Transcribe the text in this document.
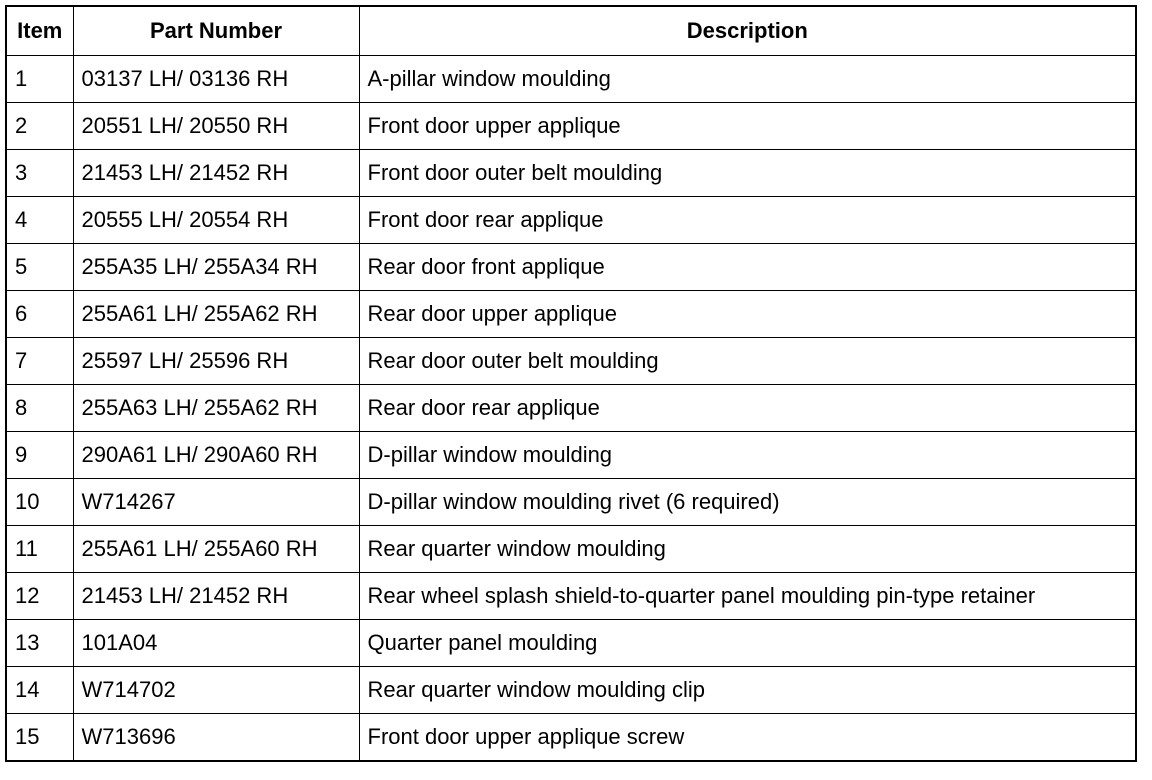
Item	Part Number	Description
1	03137 LH/ 03136 RH	A-pillar window moulding
2	20551 LH/ 20550 RH	Front door upper applique
3	21453 LH/ 21452 RH	Front door outer belt moulding
4	20555 LH/ 20554 RH	Front door rear applique
5	255A35 LH/ 255A34 RH	Rear door front applique
6	255A61 LH/ 255A62 RH	Rear door upper applique
7	25597 LH/ 25596 RH	Rear door outer belt moulding
8	255A63 LH/ 255A62 RH	Rear door rear applique
9	290A61 LH/ 290A60 RH	D-pillar window moulding
10	W714267	D-pillar window moulding rivet (6 required)
11	255A61 LH/ 255A60 RH	Rear quarter window moulding
12	21453 LH/ 21452 RH	Rear wheel splash shield-to-quarter panel moulding pin-type retainer
13	101A04	Quarter panel moulding
14	W714702	Rear quarter window moulding clip
15	W713696	Front door upper applique screw
